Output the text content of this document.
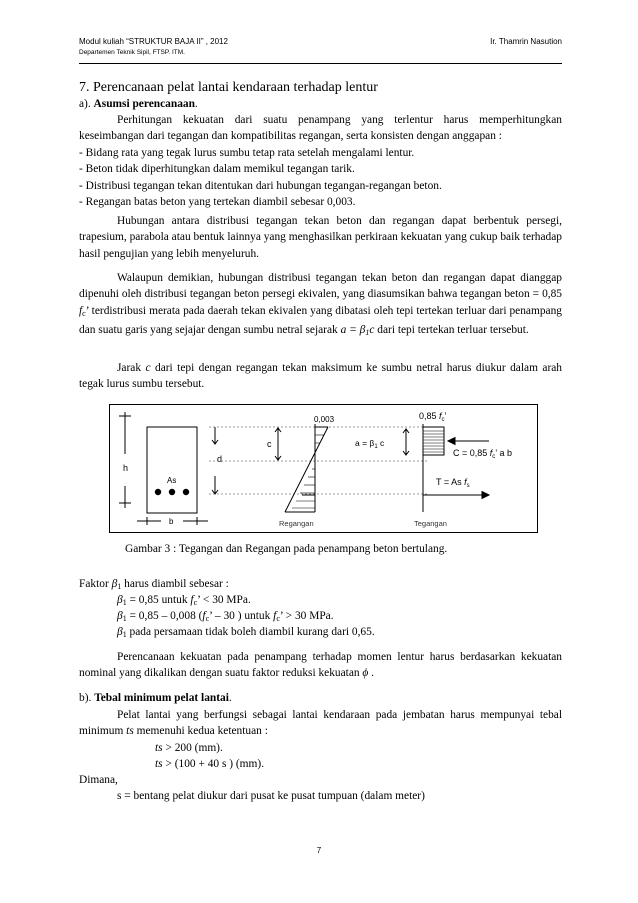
Modul kuliah “STRUKTUR BAJA II” , 2012	Ir. Thamrin Nasution
Departemen Teknik Sipil, FTSP. ITM.
7. Perencanaan pelat lantai kendaraan terhadap lentur
a). Asumsi perencanaan.
Perhitungan kekuatan dari suatu penampang yang terlentur harus memperhitungkan keseimbangan dari tegangan dan kompatibilitas regangan, serta konsisten dengan anggapan :

- Bidang rata yang tegak lurus sumbu tetap rata setelah mengalami lentur.

- Beton tidak diperhitungkan dalam memikul tegangan tarik.

- Distribusi tegangan tekan ditentukan dari hubungan tegangan-regangan beton.

- Regangan batas beton yang tertekan diambil sebesar 0,003.

Hubungan antara distribusi tegangan tekan beton dan regangan dapat berbentuk persegi, trapesium, parabola atau bentuk lainnya yang menghasilkan perkiraan kekuatan yang cukup baik terhadap hasil pengujian yang lebih menyeluruh.
Walaupun demikian, hubungan distribusi tegangan tekan beton dan regangan dapat dianggap dipenuhi oleh distribusi tegangan beton persegi ekivalen, yang diasumsikan bahwa tegangan beton = 0,85 $f_c$’ terdistribusi merata pada daerah tekan ekivalen yang dibatasi oleh tepi tertekan terluar dari penampang dan suatu garis yang sejajar dengan sumbu netral sejarak $a = \beta_1c$ dari tepi tertekan terluar tersebut.
Jarak c dari tepi dengan regangan tekan maksimum ke sumbu netral harus diukur dalam arah tegak lurus sumbu tersebut.
h
As
b
d
c
0,003
Regangan
$a = \beta_1$ c
0,85 $f_c$’
C = 0,85 $f_c$’ a b
T = As $f_s$
Tegangan
Gambar 3 : Tegangan dan Regangan pada penampang beton bertulang.
Faktor $\beta_1$ harus diambil sebesar :
$\beta_1 = 0,85$ untuk $f_c$’ < 30 MPa.
$\beta_1 = 0,85 - 0,008$ ($f_c$’ – 30 ) untuk $f_c$’ > 30 MPa.
$\beta_1$ pada persamaan tidak boleh diambil kurang dari 0,65.
Perencanaan kekuatan pada penampang terhadap momen lentur harus berdasarkan kekuatan nominal yang dikalikan dengan suatu faktor reduksi kekuatan ϕ .
b). Tebal minimum pelat lantai.
Pelat lantai yang berfungsi sebagai lantai kendaraan pada jembatan harus mempunyai tebal minimum ts memenuhi kedua ketentuan :
ts > 200 (mm).
ts > (100 + 40 s ) (mm).
Dimana,
s = bentang pelat diukur dari pusat ke pusat tumpuan (dalam meter)
7
